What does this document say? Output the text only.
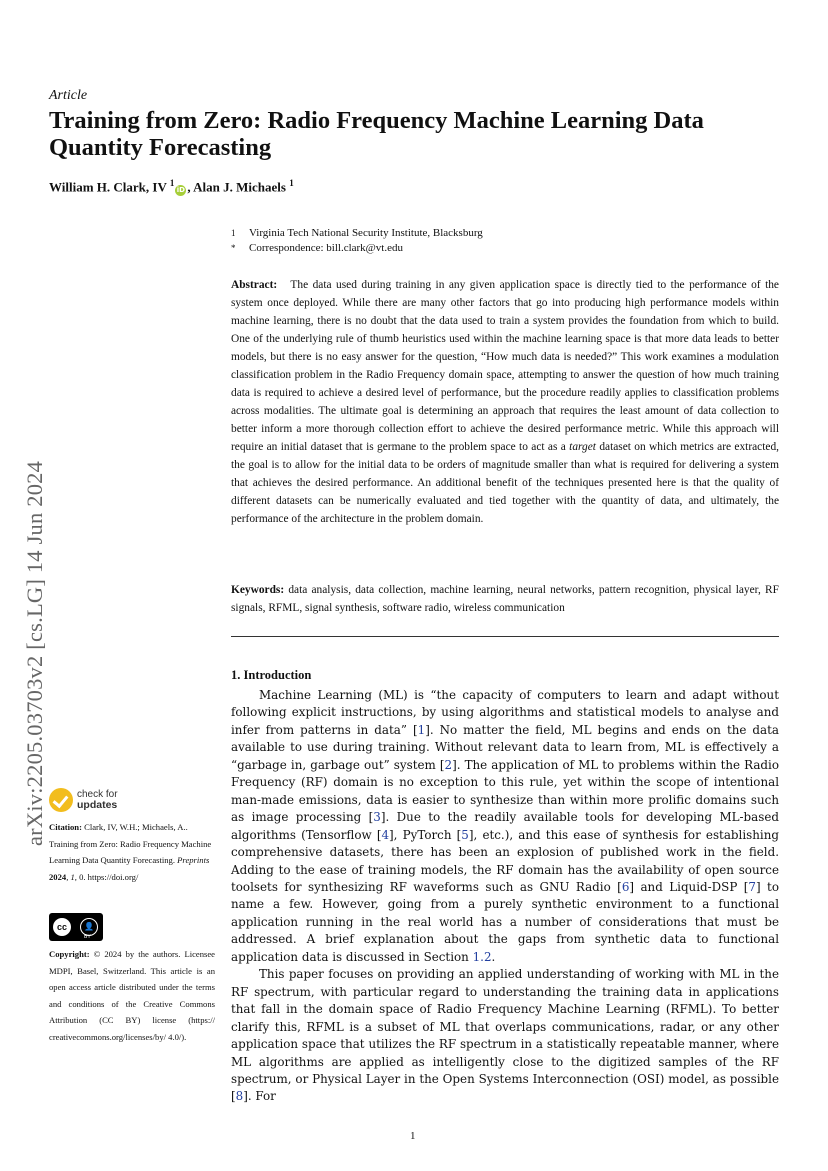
arXiv:2205.03703v2 [cs.LG] 14 Jun 2024
Article
Training from Zero: Radio Frequency Machine Learning Data Quantity Forecasting
William H. Clark, IV $^1$iD , Alan J. Michaels $^1$
1	Virginia Tech National Security Institute, Blacksburg
*	Correspondence: bill.clark@vt.edu

Abstract: The data used during training in any given application space is directly tied to the performance of the system once deployed. While there are many other factors that go into producing high performance models within machine learning, there is no doubt that the data used to train a system provides the foundation from which to build. One of the underlying rule of thumb heuristics used within the machine learning space is that more data leads to better models, but there is no easy answer for the question, “How much data is needed?” This work examines a modulation classification problem in the Radio Frequency domain space, attempting to answer the question of how much training data is required to achieve a desired level of performance, but the procedure readily applies to classification problems across modalities. The ultimate goal is determining an approach that requires the least amount of data collection to better inform a more thorough collection effort to achieve the desired performance metric. While this approach will require an initial dataset that is germane to the problem space to act as a target dataset on which metrics are extracted, the goal is to allow for the initial data to be orders of magnitude smaller than what is required for delivering a system that achieves the desired performance. An additional benefit of the techniques presented here is that the quality of different datasets can be numerically evaluated and tied together with the quantity of data, and ultimately, the performance of the architecture in the problem domain.

Keywords: data analysis, data collection, machine learning, neural networks, pattern recognition, physical layer, RF signals, RFML, signal synthesis, software radio, wireless communication

1. Introduction

Machine Learning (ML) is “the capacity of computers to learn and adapt without following explicit instructions, by using algorithms and statistical models to analyse and infer from patterns in data” [1]. No matter the field, ML begins and ends on the data available to use during training. Without relevant data to learn from, ML is effectively a “garbage in, garbage out” system [2]. The application of ML to problems within the Radio Frequency (RF) domain is no exception to this rule, yet within the scope of intentional man-made emissions, data is easier to synthesize than within more prolific domains such as image processing [3]. Due to the readily available tools for developing ML-based algorithms (Tensorflow [4], PyTorch [5], etc.), and this ease of synthesis for establishing comprehensive datasets, there has been an explosion of published work in the field. Adding to the ease of training models, the RF domain has the availability of open source toolsets for synthesizing RF waveforms such as GNU Radio [6] and Liquid-DSP [7] to name a few. However, going from a purely synthetic environment to a functional application running in the real world has a number of considerations that must be addressed. A brief explanation about the gaps from synthetic data to functional application data is discussed in Section 1.2.

This paper focuses on providing an applied understanding of working with ML in the RF spectrum, with particular regard to understanding the training data in applications that fall in the domain space of Radio Frequency Machine Learning (RFML). To better clarify this, RFML is a subset of ML that overlaps communications, radar, or any other application space that utilizes the RF spectrum in a statistically repeatable manner, where ML algorithms are applied as intelligently close to the digitized samples of the RF spectrum, or Physical Layer in the Open Systems Interconnection (OSI) model, as possible [8]. For

check for
updates
Citation: Clark, IV, W.H.; Michaels, A.. Training from Zero: Radio Frequency Machine Learning Data Quantity Forecasting. Preprints 2024, 1, 0. https://doi.org/
cc	👤
BY
Copyright: © 2024 by the authors. Licensee MDPI, Basel, Switzerland. This article is an open access article distributed under the terms and conditions of the Creative Commons Attribution (CC BY) license (https:// creativecommons.org/licenses/by/ 4.0/).
1
